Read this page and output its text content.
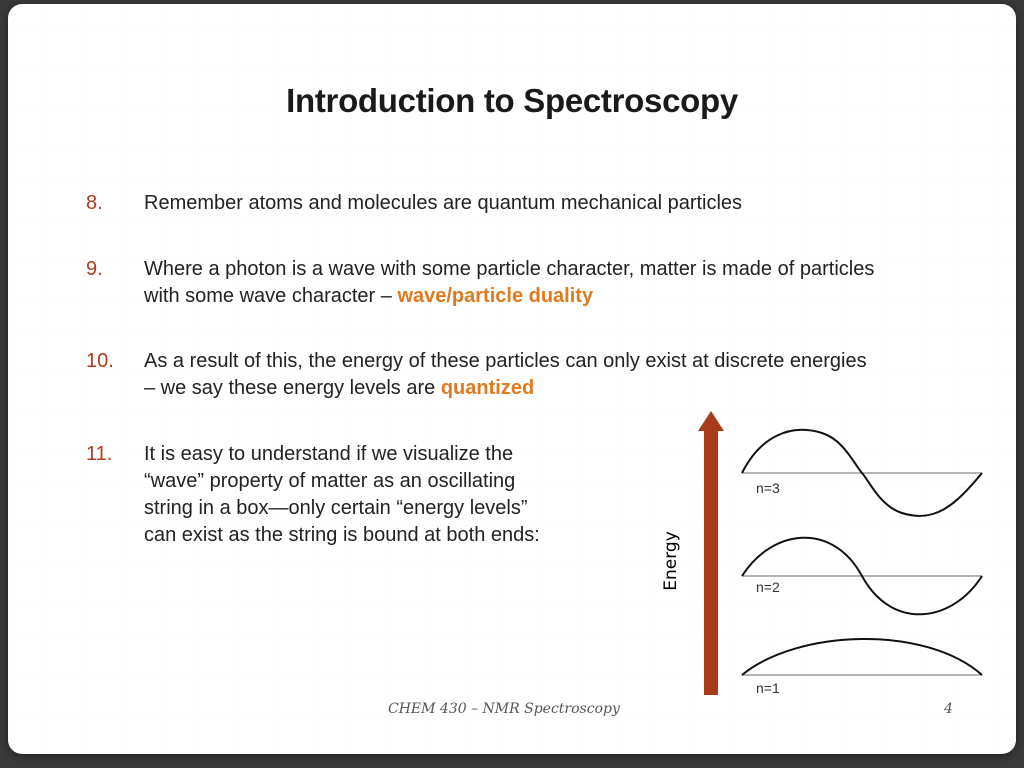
Introduction to Spectroscopy
8. Remember atoms and molecules are quantum mechanical particles
9. Where a photon is a wave with some particle character, matter is made of particles
with some wave character – wave/particle duality
10. As a result of this, the energy of these particles can only exist at discrete energies
– we say these energy levels are quantized
11. It is easy to understand if we visualize the
“wave” property of matter as an oscillating
string in a box—only certain “energy levels”
can exist as the string is bound at both ends:	Energy
n=3
n=2
n=1
CHEM 430 – NMR Spectroscopy	4
